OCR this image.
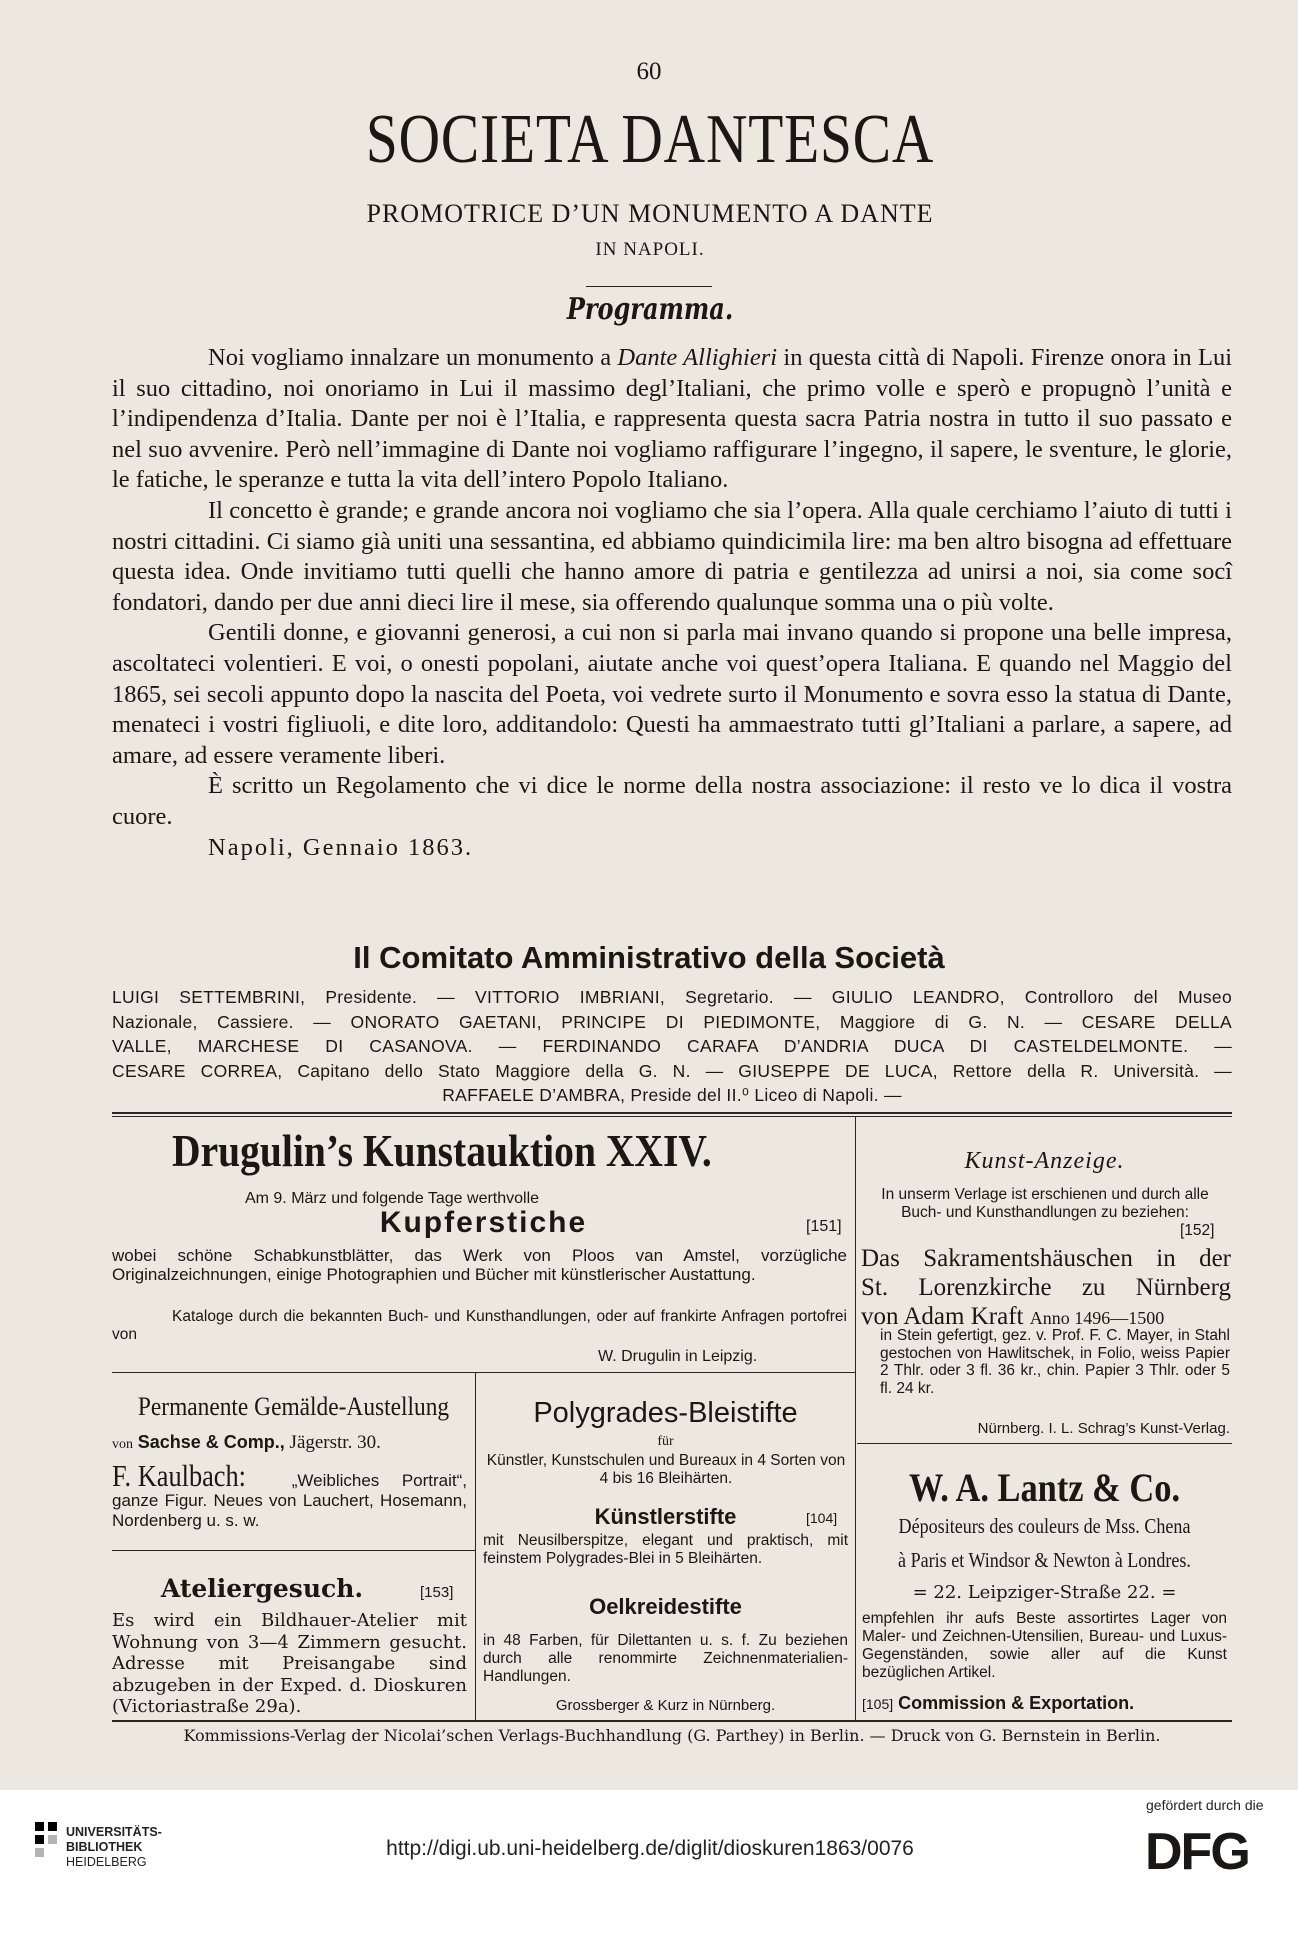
60
SOCIETA DANTESCA
PROMOTRICE D’UN MONUMENTO A DANTE
IN NAPOLI.
Programma.

Noi vogliamo innalzare un monumento a Dante Allighieri in questa città di Napoli. Firenze onora in Lui il suo cittadino, noi onoriamo in Lui il massimo degl’Italiani, che primo volle e sperò e propugnò l’unità e l’indipendenza d’Italia. Dante per noi è l’Italia, e rappresenta questa sacra Patria nostra in tutto il suo passato e nel suo avvenire. Però nell’immagine di Dante noi vogliamo raffigurare l’ingegno, il sapere, le sventure, le glorie, le fatiche, le speranze e tutta la vita dell’intero Popolo Italiano.

Il concetto è grande; e grande ancora noi vogliamo che sia l’opera. Alla quale cerchiamo l’aiuto di tutti i nostri cittadini. Ci siamo già uniti una sessantina, ed abbiamo quindicimila lire: ma ben altro bisogna ad effettuare questa idea. Onde invitiamo tutti quelli che hanno amore di patria e gentilezza ad unirsi a noi, sia come socî fondatori, dando per due anni dieci lire il mese, sia offerendo qualunque somma una o più volte.

Gentili donne, e giovanni generosi, a cui non si parla mai invano quando si propone una belle impresa, ascoltateci volentieri. E voi, o onesti popolani, aiutate anche voi quest’opera Italiana. E quando nel Maggio del 1865, sei secoli appunto dopo la nascita del Poeta, voi vedrete surto il Monumento e sovra esso la statua di Dante, menateci i vostri figliuoli, e dite loro, additandolo: Questi ha ammaestrato tutti gl’Italiani a parlare, a sapere, ad amare, ad essere veramente liberi.

È scritto un Regolamento che vi dice le norme della nostra associazione: il resto ve lo dica il vostra cuore.

Napoli, Gennaio 1863.

Il Comitato Amministrativo della Società

LUIGI SETTEMBRINI, Presidente. — VITTORIO IMBRIANI, Segretario. — GIULIO LEANDRO, Controlloro del Museo

Nazionale, Cassiere. — ONORATO GAETANI, PRINCIPE DI PIEDIMONTE, Maggiore di G. N. — CESARE DELLA

VALLE, MARCHESE DI CASANOVA. — FERDINANDO CARAFA D’ANDRIA DUCA DI CASTELDELMONTE. —

CESARE CORREA, Capitano dello Stato Maggiore della G. N. — GIUSEPPE DE LUCA, Rettore della R. Università. —

RAFFAELE D’AMBRA, Preside del II.⁰ Liceo di Napoli. —

Drugulin’s Kunstauktion XXIV.
Am 9. März und folgende Tage werthvolle
Kupferstiche	[151]
wobei schöne Schabkunstblätter, das Werk von Ploos van Amstel, vorzügliche Originalzeichnungen, einige Photographien und Bücher mit künstlerischer Austattung.
Kataloge durch die bekannten Buch- und Kunsthandlungen, oder auf frankirte Anfragen portofrei von
W. Drugulin in Leipzig.
Kunst-Anzeige.
In unserm Verlage ist erschienen und durch alle Buch- und Kunsthandlungen zu beziehen:
[152]
Das Sakramentshäuschen in der
St. Lorenzkirche zu Nürnberg
von Adam Kraft Anno 1496—1500
in Stein gefertigt, gez. v. Prof. F. C. Mayer, in Stahl gestochen von Hawlitschek, in Folio, weiss Papier 2 Thlr. oder 3 fl. 36 kr., chin. Papier 3 Thlr. oder 5 fl. 24 kr.
Nürnberg. I. L. Schrag’s Kunst-Verlag.
Permanente Gemälde-Austellung
von Sachse & Comp., Jägerstr. 30.
F. Kaulbach:	„Weibliches Portrait“, ganze Figur. Neues von Lauchert, Hosemann, Nordenberg u. s. w.
Ateliergesuch.	[153]
Es wird ein Bildhauer-Atelier mit Wohnung von 3—4 Zimmern gesucht. Adresse mit Preisangabe sind abzugeben in der Exped. d. Dioskuren (Victoriastraße 29a).
Polygrades-Bleistifte
für
Künstler, Kunstschulen und Bureaux in 4 Sorten von 4 bis 16 Bleihärten.
Künstlerstifte	[104]
mit Neusilberspitze, elegant und praktisch, mit feinstem Polygrades-Blei in 5 Bleihärten.
Oelkreidestifte
in 48 Farben, für Dilettanten u. s. f. Zu beziehen durch alle renommirte Zeichnenmaterialien-Handlungen.
Grossberger & Kurz in Nürnberg.
W. A. Lantz & Co.
Dépositeurs des couleurs de Mss. Chena
à Paris et Windsor & Newton à Londres.
= 22. Leipziger-Straße 22. =
empfehlen ihr aufs Beste assortirtes Lager von Maler- und Zeichnen-Utensilien, Bureau- und Luxus-Gegenständen, sowie aller auf die Kunst bezüglichen Artikel.
[105] Commission & Exportation.
Kommissions-Verlag der Nicolai’schen Verlags-Buchhandlung (G. Parthey) in Berlin. — Druck von G. Bernstein in Berlin.
UNIVERSITÄTS-
BIBLIOTHEK
HEIDELBERG
http://digi.ub.uni-heidelberg.de/diglit/dioskuren1863/0076
gefördert durch die
DFG
